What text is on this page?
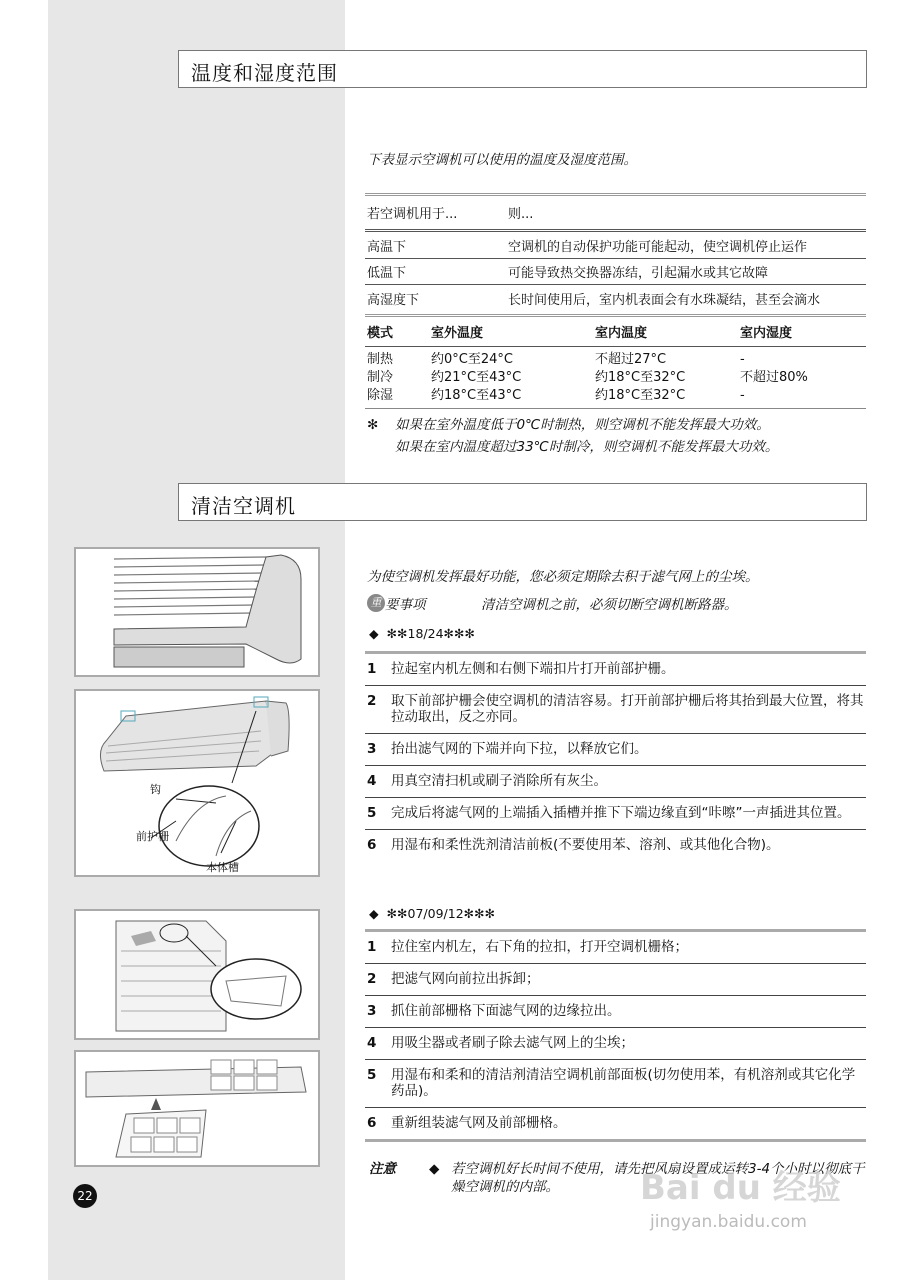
温度和湿度范围
下表显示空调机可以使用的温度及湿度范围。
若空调机用于...	则...
高温下	空调机的自动保护功能可能起动，使空调机停止运作
低温下	可能导致热交换器冻结，引起漏水或其它故障
高湿度下	长时间使用后，室内机表面会有水珠凝结，甚至会滴水
模式	室外温度	室内温度	室内湿度
制热	约0°C至24°C	不超过27°C	-
制冷	约21°C至43°C	约18°C至32°C	不超过80%
除湿	约18°C至43°C	约18°C至32°C	-
✻	如果在室外温度低于0℃时制热，则空调机不能发挥最大功效。
如果在室内温度超过33℃时制冷，则空调机不能发挥最大功效。
清洁空调机
为使空调机发挥最好功能，您必须定期除去积于滤气网上的尘埃。
重 要事项	清洁空调机之前，必须切断空调机断路器。
◆ ✻✻18/24✻✻✻
1	拉起室内机左侧和右侧下端扣片打开前部护栅。
2	取下前部护栅会使空调机的清洁容易。打开前部护栅后将其抬到最大位置，将其拉动取出，反之亦同。
3	抬出滤气网的下端并向下拉，以释放它们。
4	用真空清扫机或刷子消除所有灰尘。
5	完成后将滤气网的上端插入插槽并推下下端边缘直到“咔嚓”一声插进其位置。
6	用湿布和柔性洗剂清洁前板(不要使用苯、溶剂、或其他化合物)。
◆ ✻✻07/09/12✻✻✻
1	拉住室内机左，右下角的拉扣，打开空调机栅格；
2	把滤气网向前拉出拆卸；
3	抓住前部栅格下面滤气网的边缘拉出。
4	用吸尘器或者刷子除去滤气网上的尘埃；
5	用湿布和柔和的清洁剂清洁空调机前部面板(切勿使用苯，有机溶剂或其它化学药品)。
6	重新组装滤气网及前部栅格。
注意	◆ 若空调机好长时间不使用，请先把风扇设置成运转3-4个小时以彻底干燥空调机的内部。
钩
前护栅
本体槽
22	Bai du 经验
jingyan.baidu.com
